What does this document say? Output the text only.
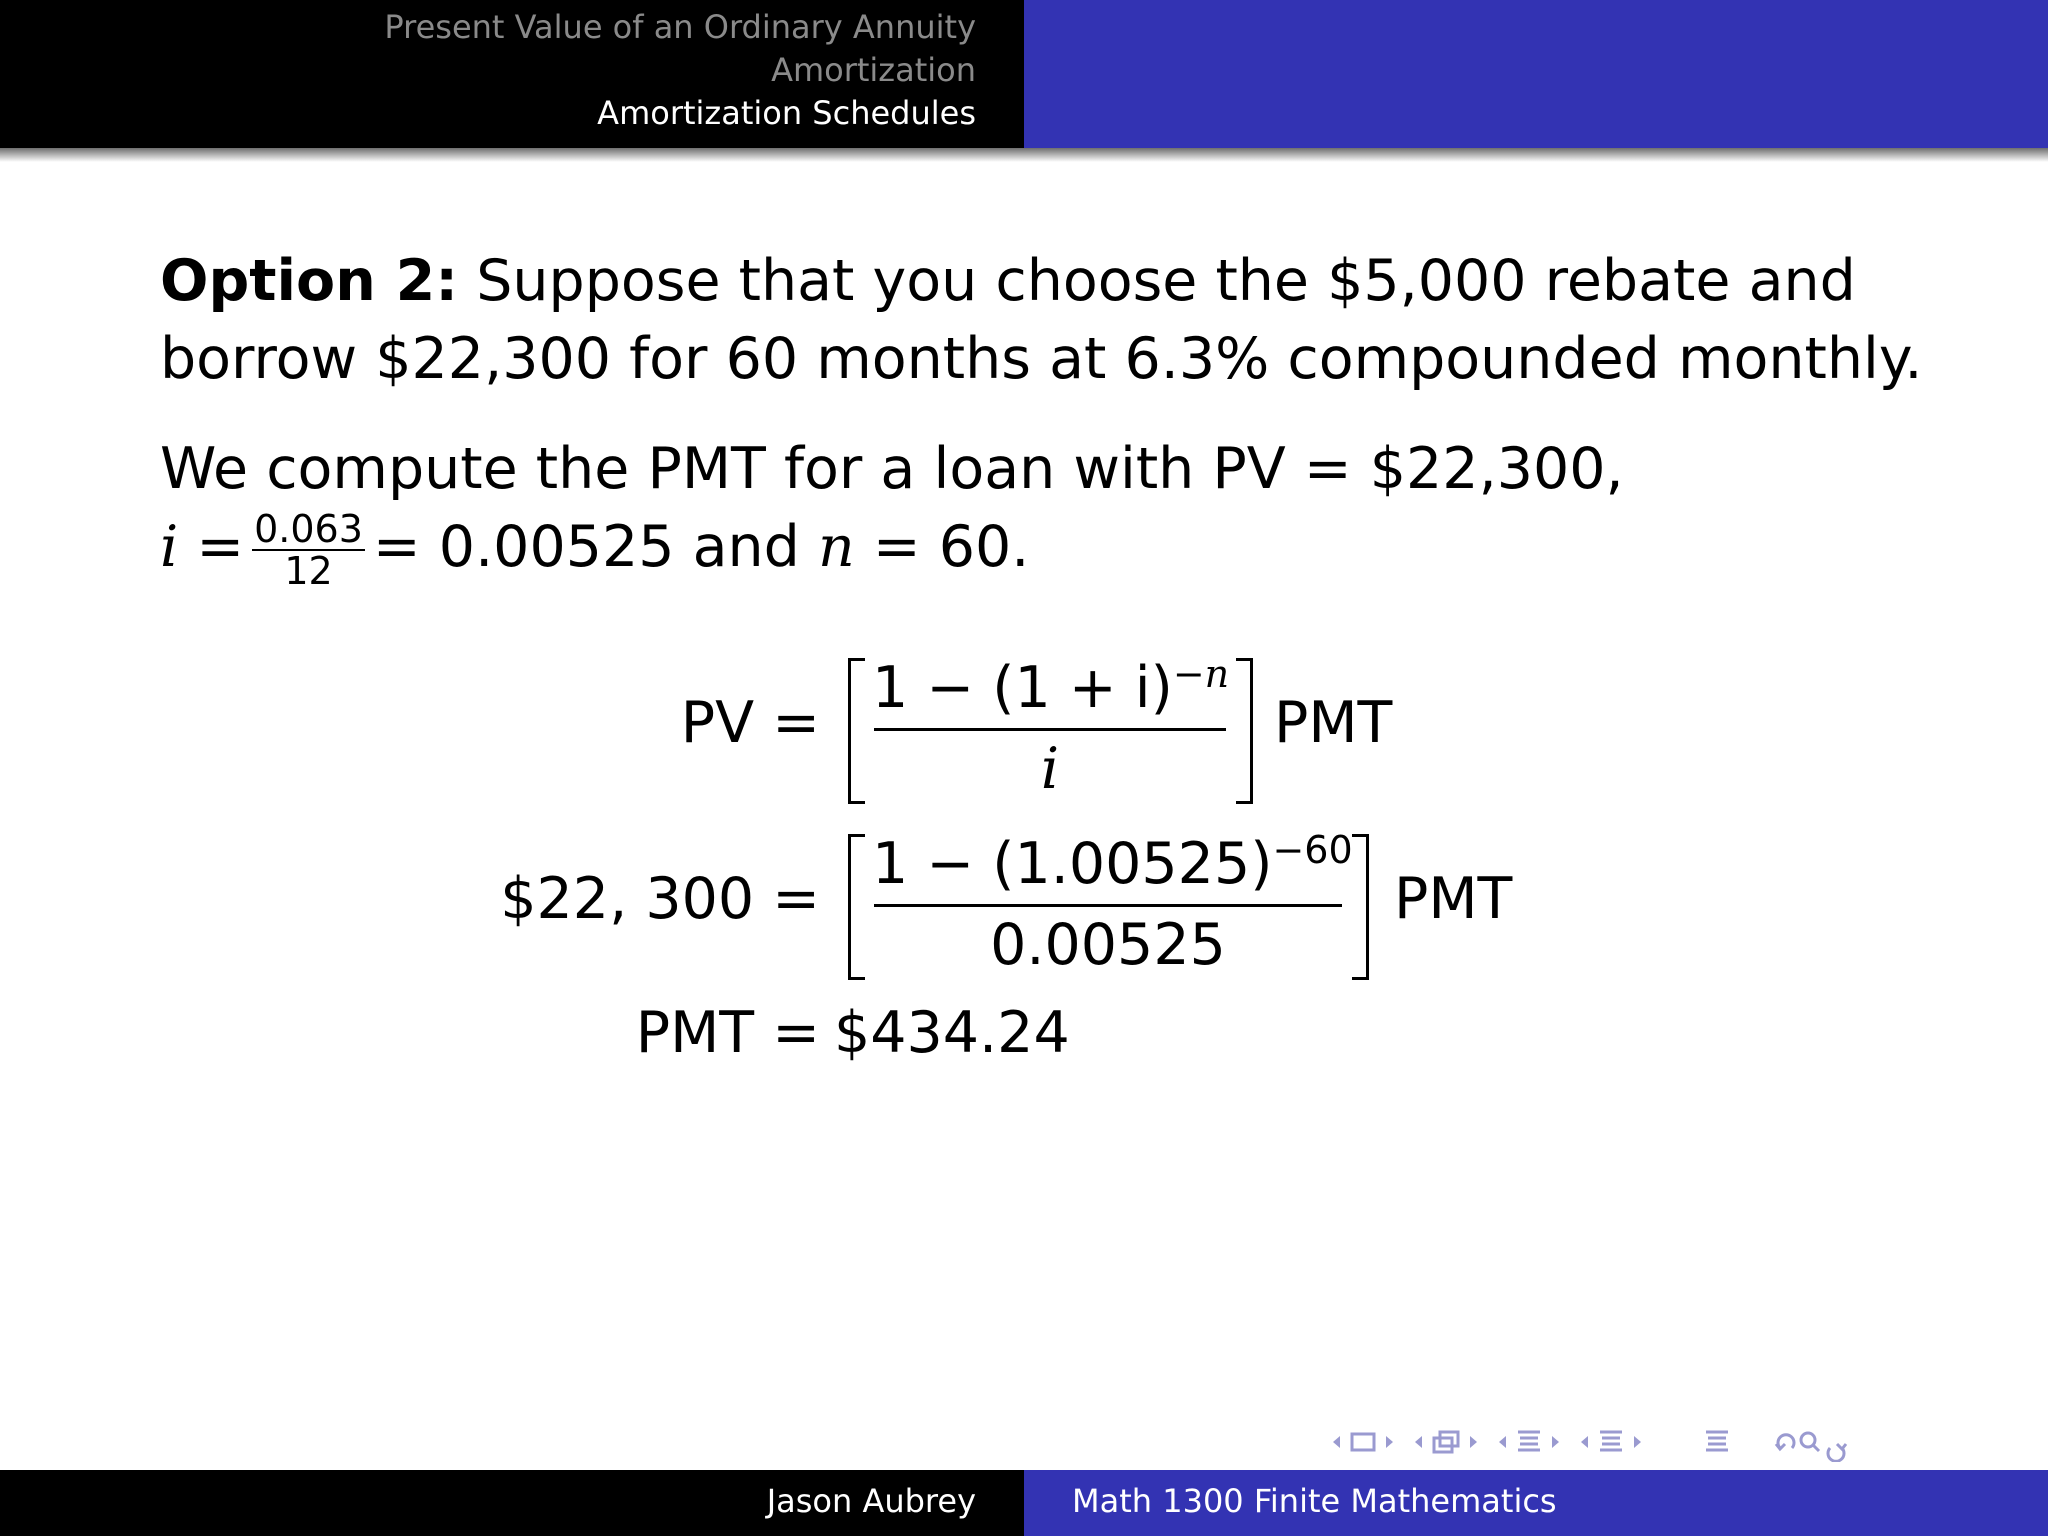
Present Value of an Ordinary Annuity
Amortization
Amortization Schedules
Option 2: Suppose that you choose the $5,000 rebate and
borrow $22,300 for 60 months at 6.3% compounded monthly.
We compute the PMT for a loan with PV = $22,300,
$i = \frac{0.063}{12} = 0.00525$ and n = 60.
PV =
$1 - (1 + i)^{-n}$
i
PMT
$22, 300 =
$1 - (1.00525)^{-60}$
0.00525
PMT
PMT = $434.24
Jason Aubrey	Math 1300 Finite Mathematics
